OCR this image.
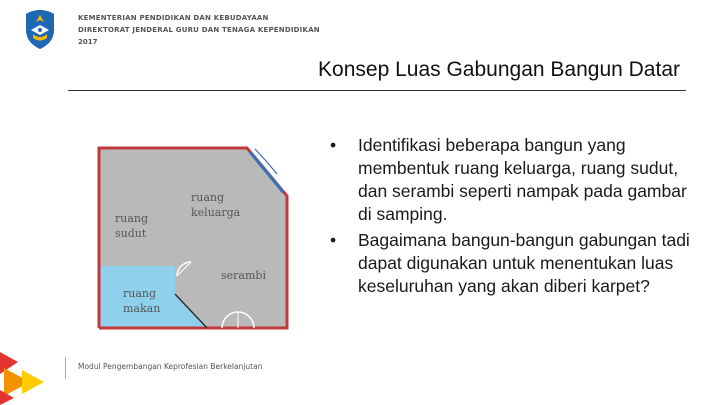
KEMENTERIAN PENDIDIKAN DAN KEBUDAYAAN
DIREKTORAT JENDERAL GURU DAN TENAGA KEPENDIDIKAN
2017
Konsep Luas Gabungan Bangun Datar
ruang
sudut
ruang
keluarga
serambi
ruang
makan
• Identifikasi beberapa bangun yang membentuk ruang keluarga, ruang sudut, dan serambi seperti nampak pada gambar di samping.
• Bagaimana bangun-bangun gabungan tadi dapat digunakan untuk menentukan luas keseluruhan yang akan diberi karpet?
Modul Pengembangan Keprofesian Berkelanjutan
